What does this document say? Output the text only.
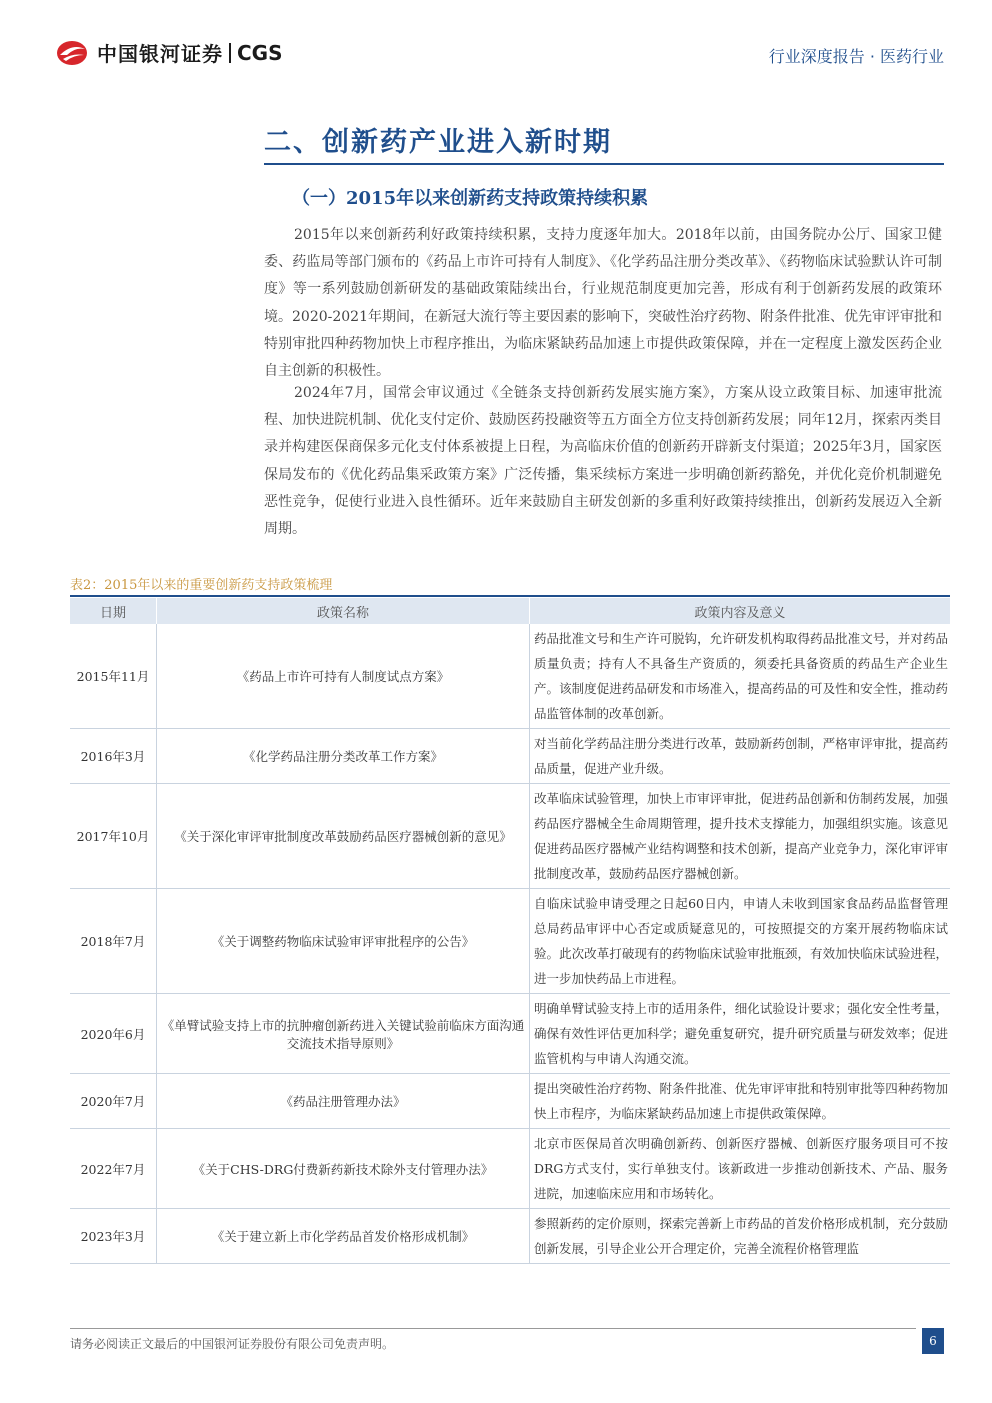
中国银河证券 CGS	行业深度报告 · 医药行业
二、创新药产业进入新时期
（一）2015年以来创新药支持政策持续积累

2015年以来创新药利好政策持续积累，支持力度逐年加大。2018年以前，由国务院办公厅、国家卫健委、药监局等部门颁布的《药品上市许可持有人制度》、《化学药品注册分类改革》、《药物临床试验默认许可制度》等一系列鼓励创新研发的基础政策陆续出台，行业规范制度更加完善，形成有利于创新药发展的政策环境。2020-2021年期间，在新冠大流行等主要因素的影响下，突破性治疗药物、附条件批准、优先审评审批和特别审批四种药物加快上市程序推出，为临床紧缺药品加速上市提供政策保障，并在一定程度上激发医药企业自主创新的积极性。

2024年7月，国常会审议通过《全链条支持创新药发展实施方案》，方案从设立政策目标、加速审批流程、加快进院机制、优化支付定价、鼓励医药投融资等五方面全方位支持创新药发展；同年12月，探索丙类目录并构建医保商保多元化支付体系被提上日程，为高临床价值的创新药开辟新支付渠道；2025年3月，国家医保局发布的《优化药品集采政策方案》广泛传播，集采续标方案进一步明确创新药豁免，并优化竞价机制避免恶性竞争，促使行业进入良性循环。近年来鼓励自主研发创新的多重利好政策持续推出，创新药发展迈入全新周期。

表2：2015年以来的重要创新药支持政策梳理
日期	政策名称	政策内容及意义
2015年11月	《药品上市许可持有人制度试点方案》	药品批准文号和生产许可脱钩，允许研发机构取得药品批准文号，并对药品质量负责；持有人不具备生产资质的，须委托具备资质的药品生产企业生产。该制度促进药品研发和市场准入，提高药品的可及性和安全性，推动药品监管体制的改革创新。
2016年3月	《化学药品注册分类改革工作方案》	对当前化学药品注册分类进行改革，鼓励新药创制，严格审评审批，提高药品质量，促进产业升级。
2017年10月	《关于深化审评审批制度改革鼓励药品医疗器械创新的意见》	改革临床试验管理，加快上市审评审批，促进药品创新和仿制药发展，加强药品医疗器械全生命周期管理，提升技术支撑能力，加强组织实施。该意见促进药品医疗器械产业结构调整和技术创新，提高产业竞争力，深化审评审批制度改革，鼓励药品医疗器械创新。
2018年7月	《关于调整药物临床试验审评审批程序的公告》	自临床试验申请受理之日起60日内，申请人未收到国家食品药品监督管理总局药品审评中心否定或质疑意见的，可按照提交的方案开展药物临床试验。此次改革打破现有的药物临床试验审批瓶颈，有效加快临床试验进程，进一步加快药品上市进程。
2020年6月	《单臂试验支持上市的抗肿瘤创新药进入关键试验前临床方面沟通交流技术指导原则》	明确单臂试验支持上市的适用条件，细化试验设计要求；强化安全性考量，确保有效性评估更加科学；避免重复研究，提升研究质量与研发效率；促进监管机构与申请人沟通交流。
2020年7月	《药品注册管理办法》	提出突破性治疗药物、附条件批准、优先审评审批和特别审批等四种药物加快上市程序，为临床紧缺药品加速上市提供政策保障。
2022年7月	《关于CHS-DRG付费新药新技术除外支付管理办法》	北京市医保局首次明确创新药、创新医疗器械、创新医疗服务项目可不按DRG方式支付，实行单独支付。该新政进一步推动创新技术、产品、服务进院，加速临床应用和市场转化。
2023年3月	《关于建立新上市化学药品首发价格形成机制》	参照新药的定价原则，探索完善新上市药品的首发价格形成机制，充分鼓励创新发展，引导企业公开合理定价，完善全流程价格管理监
请务必阅读正文最后的中国银河证券股份有限公司免责声明。	6
